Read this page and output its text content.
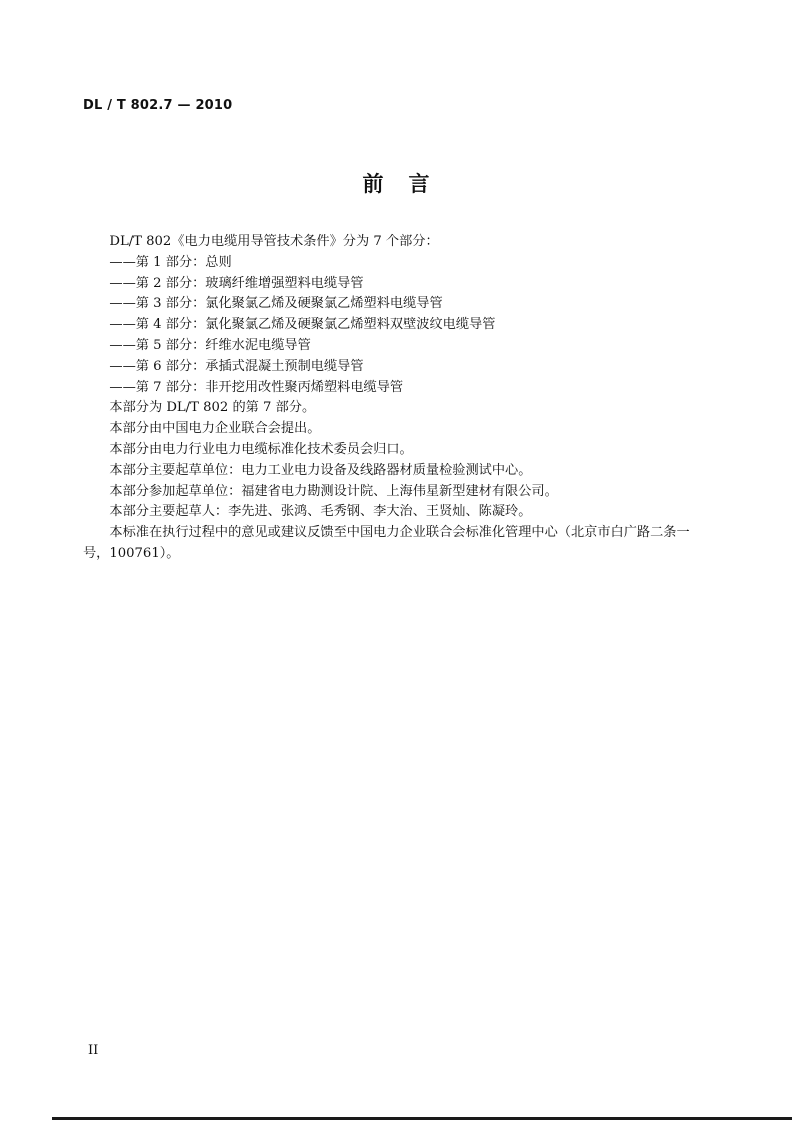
DL / T 802.7 — 2010
前言

DL/T 802《电力电缆用导管技术条件》分为 7 个部分：

——第 1 部分：总则

——第 2 部分：玻璃纤维增强塑料电缆导管

——第 3 部分：氯化聚氯乙烯及硬聚氯乙烯塑料电缆导管

——第 4 部分：氯化聚氯乙烯及硬聚氯乙烯塑料双壁波纹电缆导管

——第 5 部分：纤维水泥电缆导管

——第 6 部分：承插式混凝土预制电缆导管

——第 7 部分：非开挖用改性聚丙烯塑料电缆导管

本部分为 DL/T 802 的第 7 部分。

本部分由中国电力企业联合会提出。

本部分由电力行业电力电缆标准化技术委员会归口。

本部分主要起草单位：电力工业电力设备及线路器材质量检验测试中心。

本部分参加起草单位：福建省电力勘测设计院、上海伟星新型建材有限公司。

本部分主要起草人：李先进、张鸿、毛秀钢、李大治、王贤灿、陈凝玲。

本标准在执行过程中的意见或建议反馈至中国电力企业联合会标准化管理中心（北京市白广路二条一号，100761）。

II
